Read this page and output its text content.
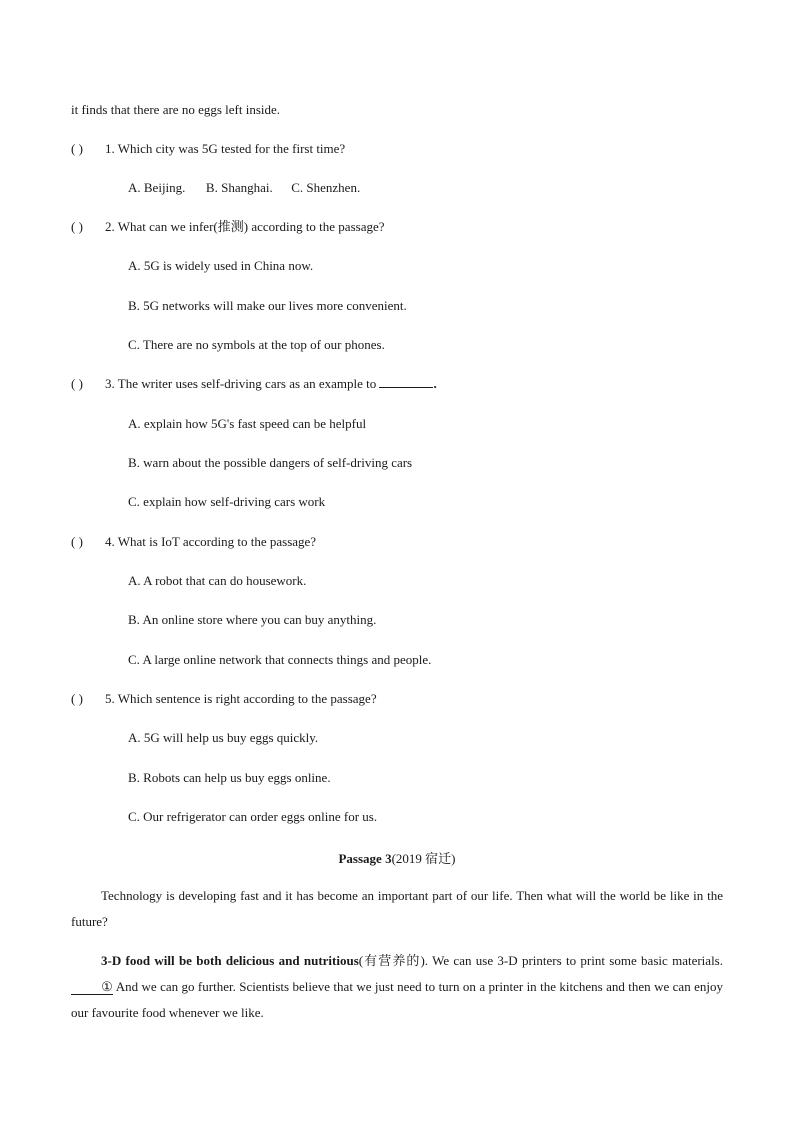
it finds that there are no eggs left inside.
( ) 1. Which city was 5G tested for the first time?
A. Beijing. B. Shanghai. C. Shenzhen.
( ) 2. What can we infer(推测) according to the passage?
A. 5G is widely used in China now.
B. 5G networks will make our lives more convenient.
C. There are no symbols at the top of our phones.
( ) 3. The writer uses self-driving cars as an example to	.
A. explain how 5G's fast speed can be helpful
B. warn about the possible dangers of self-driving cars
C. explain how self-driving cars work
( ) 4. What is IoT according to the passage?
A. A robot that can do housework.
B. An online store where you can buy anything.
C. A large online network that connects things and people.
( ) 5. Which sentence is right according to the passage?
A. 5G will help us buy eggs quickly.
B. Robots can help us buy eggs online.
C. Our refrigerator can order eggs online for us.
Passage 3(2019 宿迁)
Technology is developing fast and it has become an important part of our life. Then what will the world be like in the future?
3-D food will be both delicious and nutritious(有营养的). We can use 3-D printers to print some basic materials. ① And we can go further. Scientists believe that we just need to turn on a printer in the kitchens and then we can enjoy our favourite food whenever we like.
